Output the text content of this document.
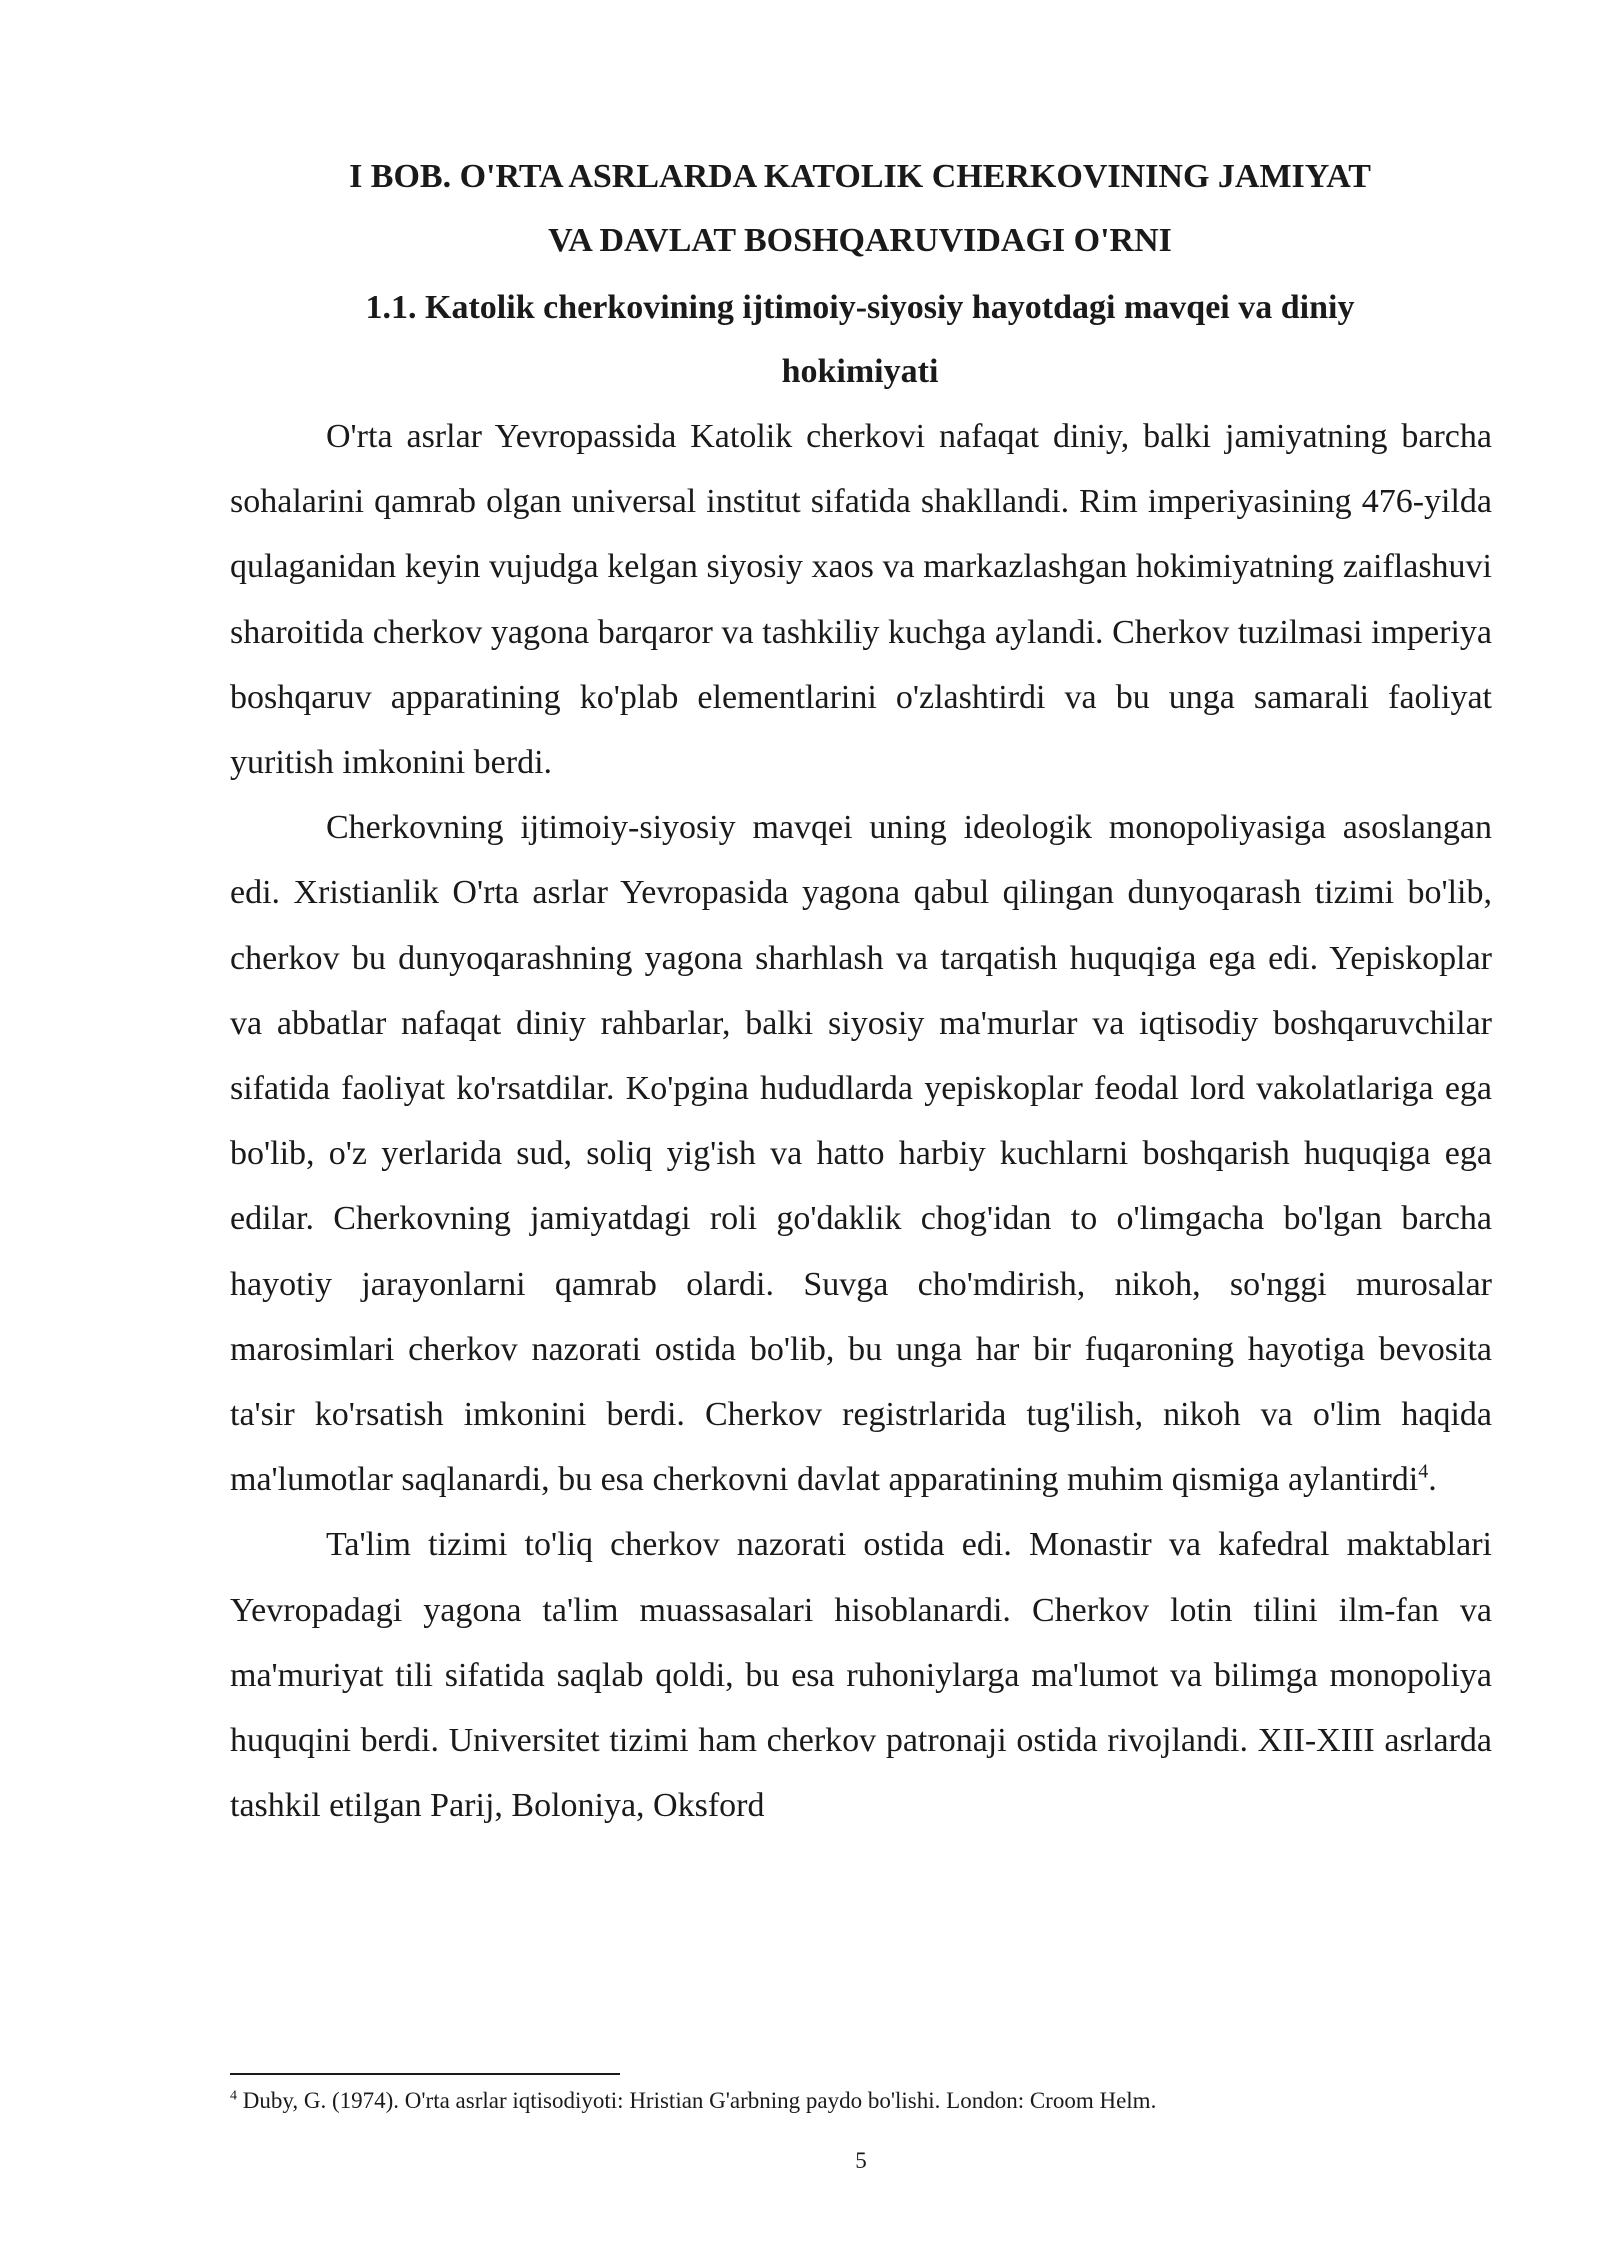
I BOB. O'RTA ASRLARDA KATOLIK CHERKOVINING JAMIYAT
VA DAVLAT BOSHQARUVIDAGI O'RNI
1.1. Katolik cherkovining ijtimoiy-siyosiy hayotdagi mavqei va diniy
hokimiyati

O'rta asrlar Yevropassida Katolik cherkovi nafaqat diniy, balki jamiyatning barcha sohalarini qamrab olgan universal institut sifatida shakllandi. Rim imperiyasining 476-yilda qulaganidan keyin vujudga kelgan siyosiy xaos va markazlashgan hokimiyatning zaiflashuvi sharoitida cherkov yagona barqaror va tashkiliy kuchga aylandi. Cherkov tuzilmasi imperiya boshqaruv apparatining ko'plab elementlarini o'zlashtirdi va bu unga samarali faoliyat yuritish imkonini berdi.

Cherkovning ijtimoiy-siyosiy mavqei uning ideologik monopoliyasiga asoslangan edi. Xristianlik O'rta asrlar Yevropasida yagona qabul qilingan dunyoqarash tizimi bo'lib, cherkov bu dunyoqarashning yagona sharhlash va tarqatish huquqiga ega edi. Yepiskoplar va abbatlar nafaqat diniy rahbarlar, balki siyosiy ma'murlar va iqtisodiy boshqaruvchilar sifatida faoliyat ko'rsatdilar. Ko'pgina hududlarda yepiskoplar feodal lord vakolatlariga ega bo'lib, o'z yerlarida sud, soliq yig'ish va hatto harbiy kuchlarni boshqarish huquqiga ega edilar. Cherkovning jamiyatdagi roli go'daklik chog'idan to o'limgacha bo'lgan barcha hayotiy jarayonlarni qamrab olardi. Suvga cho'mdirish, nikoh, so'nggi murosalar marosimlari cherkov nazorati ostida bo'lib, bu unga har bir fuqaroning hayotiga bevosita ta'sir ko'rsatish imkonini berdi. Cherkov registrlarida tug'ilish, nikoh va o'lim haqida ma'lumotlar saqlanardi, bu esa cherkovni davlat apparatining muhim qismiga aylantirdi$^4$.

Ta'lim tizimi to'liq cherkov nazorati ostida edi. Monastir va kafedral maktablari Yevropadagi yagona ta'lim muassasalari hisoblanardi. Cherkov lotin tilini ilm-fan va ma'muriyat tili sifatida saqlab qoldi, bu esa ruhoniylarga ma'lumot va bilimga monopoliya huquqini berdi. Universitet tizimi ham cherkov patronaji ostida rivojlandi. XII-XIII asrlarda tashkil etilgan Parij, Boloniya, Oksford

$^4$ Duby, G. (1974). O'rta asrlar iqtisodiyoti: Hristian G'arbning paydo bo'lishi. London: Croom Helm.
5
